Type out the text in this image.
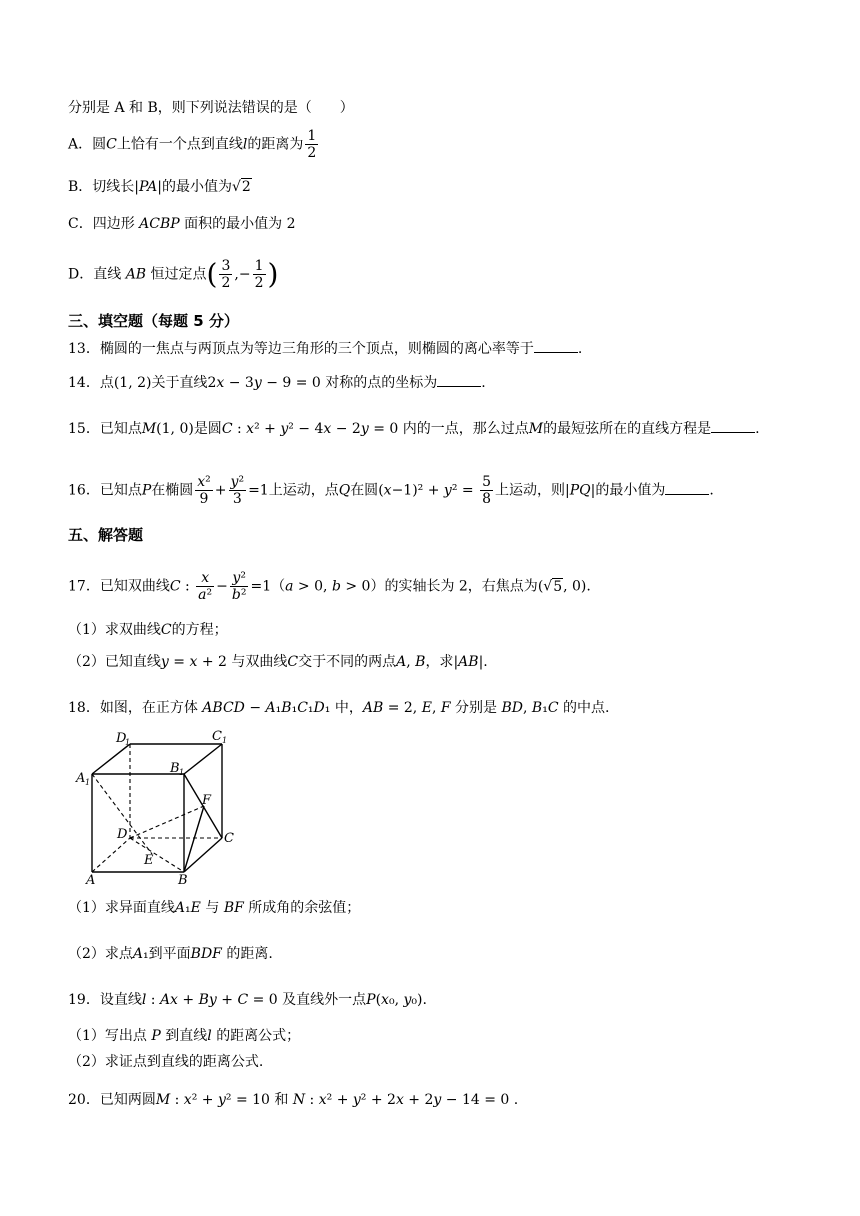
分别是 A 和 B，则下列说法错误的是（　　）
A．圆C上恰有一个点到直线l的距离为 $\frac{1}{2}$
B．切线长|PA|的最小值为√2
C．四边形 ACBP 面积的最小值为 2
D．直线 AB 恒过定点( $\frac{3}{2}$ ,− $\frac{1}{2}$ )
三、填空题（每题 5 分）
13．椭圆的一焦点与两顶点为等边三角形的三个顶点，则椭圆的离心率等于	.
14．点(1, 2)关于直线2x − 3y − 9 = 0 对称的点的坐标为	.
15．已知点M(1, 0)是圆C : x² + y² − 4x − 2y = 0 内的一点，那么过点M的最短弦所在的直线方程是	.
16．已知点P在椭圆 $\frac{\text{x²}}{9} + \frac{\text{y²}}{3} =1$上运动，点Q在圆$(x-1)^2 + y^2 = \frac{5}{8}$ 上运动，则|PQ|的最小值为	.
五、解答题
17．已知双曲线C : $\frac{x}{\text{a²}} - \frac{\text{y²}}{\text{b²}} =1(a > 0$, b > 0）的实轴长为 2，右焦点为(√5, 0).
（1）求双曲线C的方程；
（2）已知直线y = x + 2 与双曲线C交于不同的两点A, B，求|AB|.
18．如图，在正方体 ABCD − A₁B₁C₁D₁ 中，AB = 2, E, F 分别是 BD, B₁C 的中点.
D
1	C 1
A 1
B 1
F
D	C
E
A	B
（1）求异面直线A₁E 与 BF 所成角的余弦值；
（2）求点A₁到平面BDF 的距离.
19．设直线l : Ax + By + C = 0 及直线外一点P(x₀, y₀).
（1）写出点 P 到直线l 的距离公式；
（2）求证点到直线的距离公式.
20．已知两圆M : x² + y² = 10 和 N : x² + y² + 2x + 2y − 14 = 0 .
